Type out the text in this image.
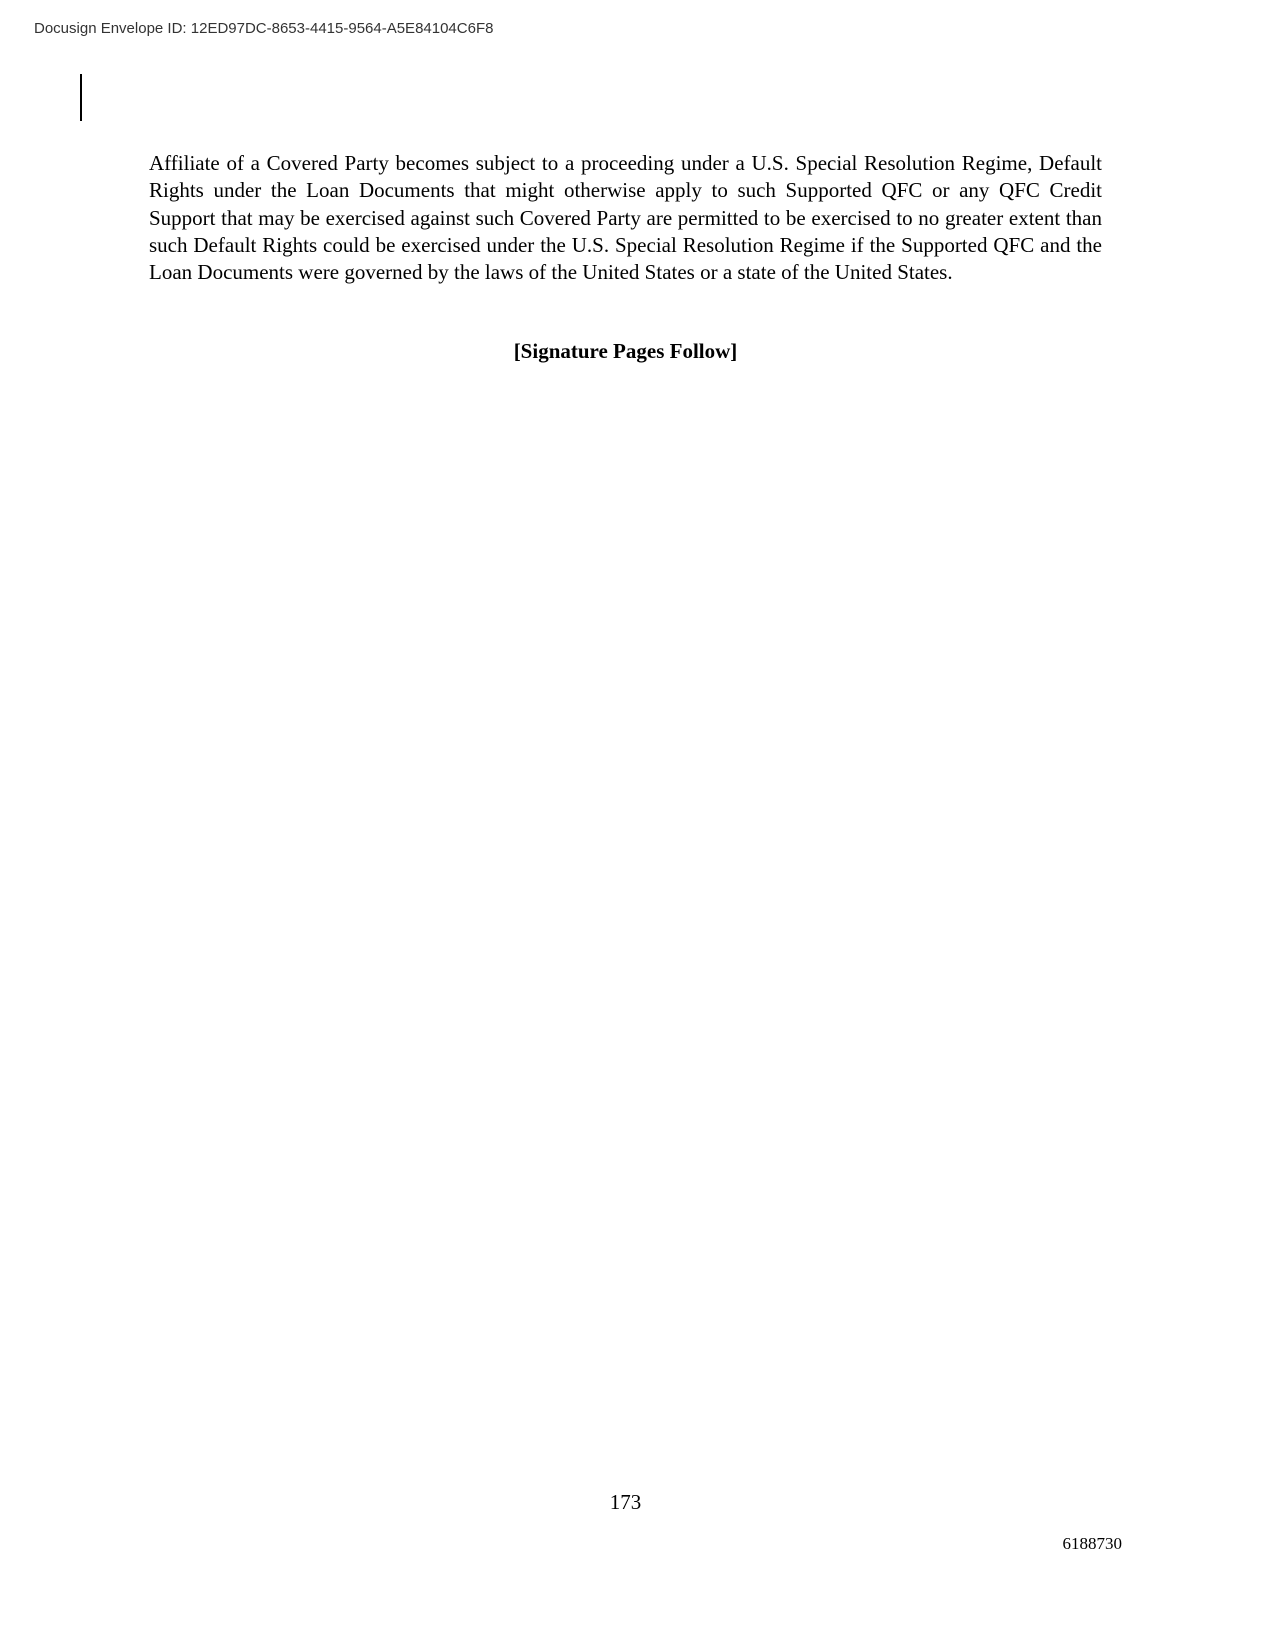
Docusign Envelope ID: 12ED97DC-8653-4415-9564-A5E84104C6F8

Affiliate of a Covered Party becomes subject to a proceeding under a U.S. Special Resolution Regime, Default Rights under the Loan Documents that might otherwise apply to such Supported QFC or any QFC Credit Support that may be exercised against such Covered Party are permitted to be exercised to no greater extent than such Default Rights could be exercised under the U.S. Special Resolution Regime if the Supported QFC and the Loan Documents were governed by the laws of the United States or a state of the United States.

[Signature Pages Follow]

173
6188730
